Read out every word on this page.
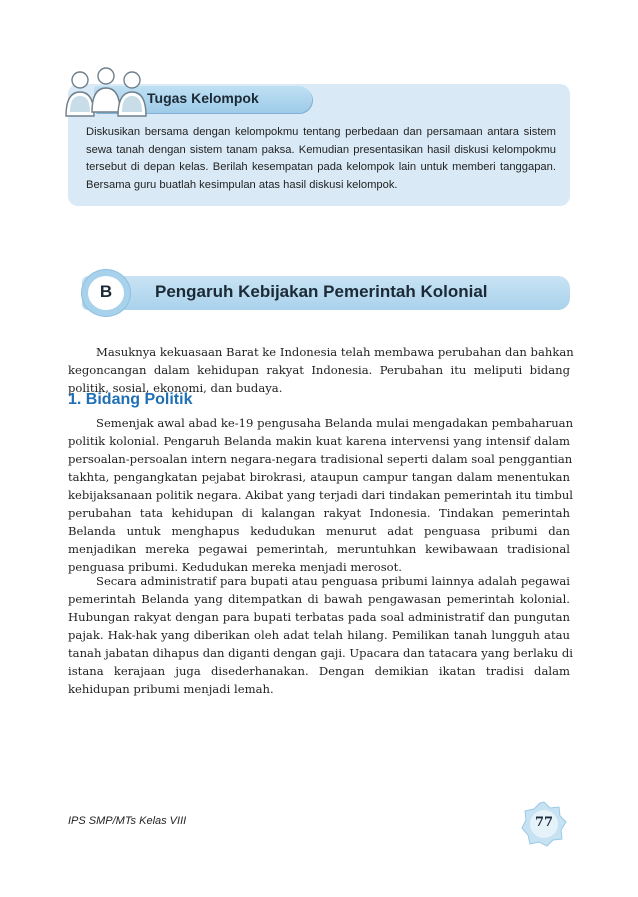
Tugas Kelompok
Diskusikan bersama dengan kelompokmu tentang perbedaan dan persamaan antara sistem
sewa tanah dengan sistem tanam paksa. Kemudian presentasikan hasil diskusi kelompokmu
tersebut di depan kelas. Berilah kesempatan pada kelompok lain untuk memberi tanggapan.
Bersama guru buatlah kesimpulan atas hasil diskusi kelompok.
B	Pengaruh Kebijakan Pemerintah Kolonial
Masuknya kekuasaan Barat ke Indonesia telah membawa perubahan dan bahkan
kegoncangan dalam kehidupan rakyat Indonesia. Perubahan itu meliputi bidang
politik, sosial, ekonomi, dan budaya.
1. Bidang Politik
Semenjak awal abad ke-19 pengusaha Belanda mulai mengadakan pembaharuan
politik kolonial. Pengaruh Belanda makin kuat karena intervensi yang intensif dalam
persoalan-persoalan intern negara-negara tradisional seperti dalam soal penggantian
takhta, pengangkatan pejabat birokrasi, ataupun campur tangan dalam menentukan
kebijaksanaan politik negara. Akibat yang terjadi dari tindakan pemerintah itu timbul
perubahan tata kehidupan di kalangan rakyat Indonesia. Tindakan pemerintah
Belanda untuk menghapus kedudukan menurut adat penguasa pribumi dan
menjadikan mereka pegawai pemerintah, meruntuhkan kewibawaan tradisional
penguasa pribumi. Kedudukan mereka menjadi merosot.
Secara administratif para bupati atau penguasa pribumi lainnya adalah pegawai
pemerintah Belanda yang ditempatkan di bawah pengawasan pemerintah kolonial.
Hubungan rakyat dengan para bupati terbatas pada soal administratif dan pungutan
pajak. Hak-hak yang diberikan oleh adat telah hilang. Pemilikan tanah lungguh atau
tanah jabatan dihapus dan diganti dengan gaji. Upacara dan tatacara yang berlaku di
istana kerajaan juga disederhanakan. Dengan demikian ikatan tradisi dalam
kehidupan pribumi menjadi lemah.
IPS SMP/MTs Kelas VIII	77
